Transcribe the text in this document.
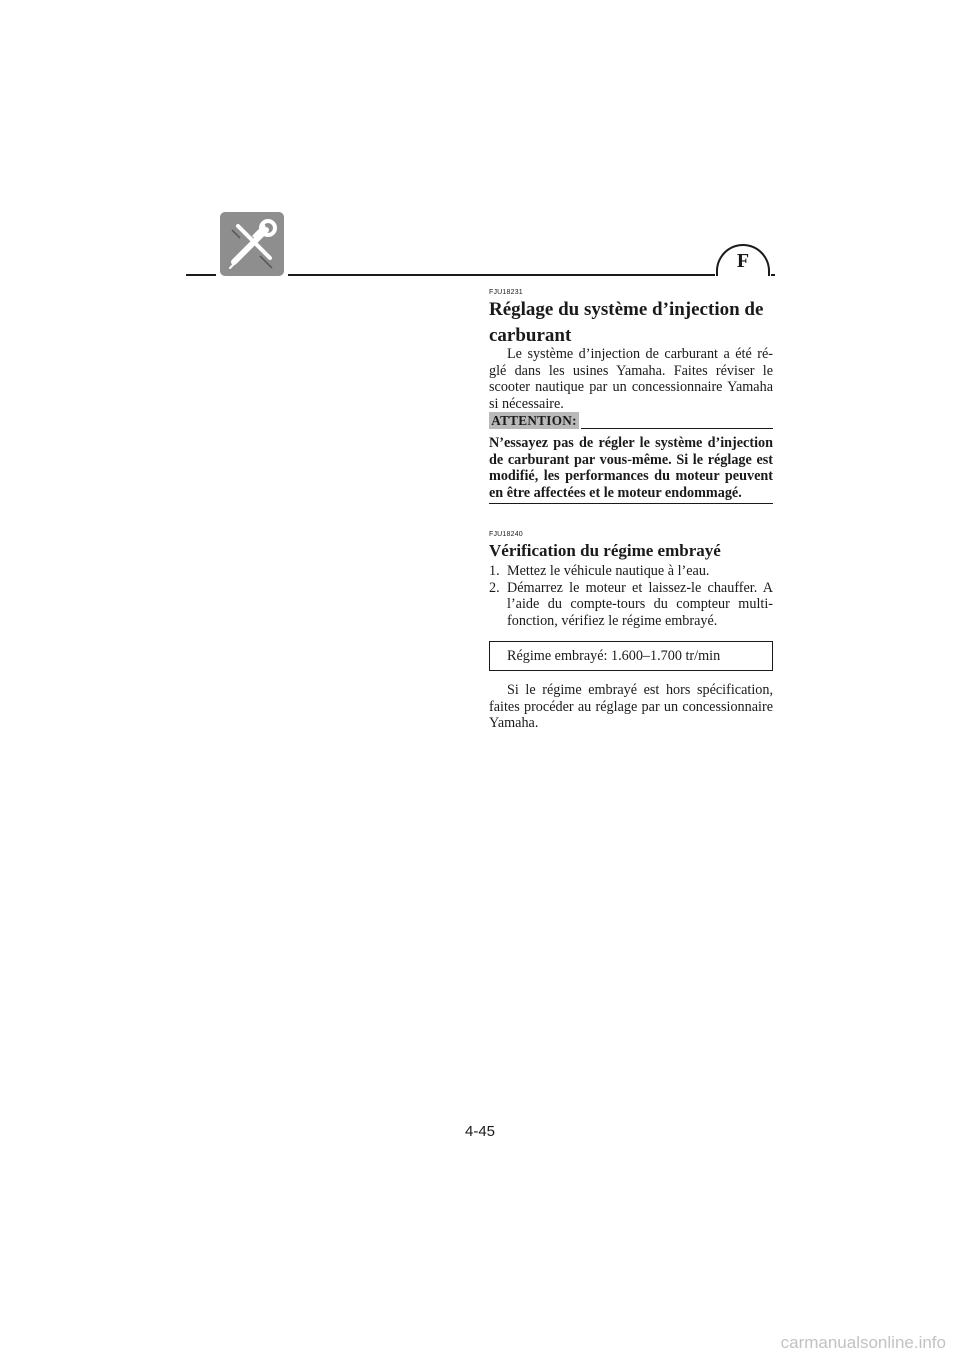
F
FJU18231
Réglage du système d’injection de
carburant

Le système d’injection de carburant a été ré-glé dans les usines Yamaha. Faites réviser le scooter nautique par un concessionnaire Yamaha si nécessaire.

ATTENTION:

N’essayez pas de régler le système d’injection de carburant par vous-même. Si le réglage est modifié, les performances du moteur peuvent en être affectées et le moteur endommagé.

FJU18240
Vérification du régime embrayé
1. Mettez le véhicule nautique à l’eau.
2. Démarrez le moteur et laissez-le chauffer. A l’aide du compte-tours du compteur multi-fonction, vérifiez le régime embrayé.
Régime embrayé: 1.600–1.700 tr/min

Si le régime embrayé est hors spécification, faites procéder au réglage par un concessionnaire Yamaha.

4-45
carmanualsonline.info
